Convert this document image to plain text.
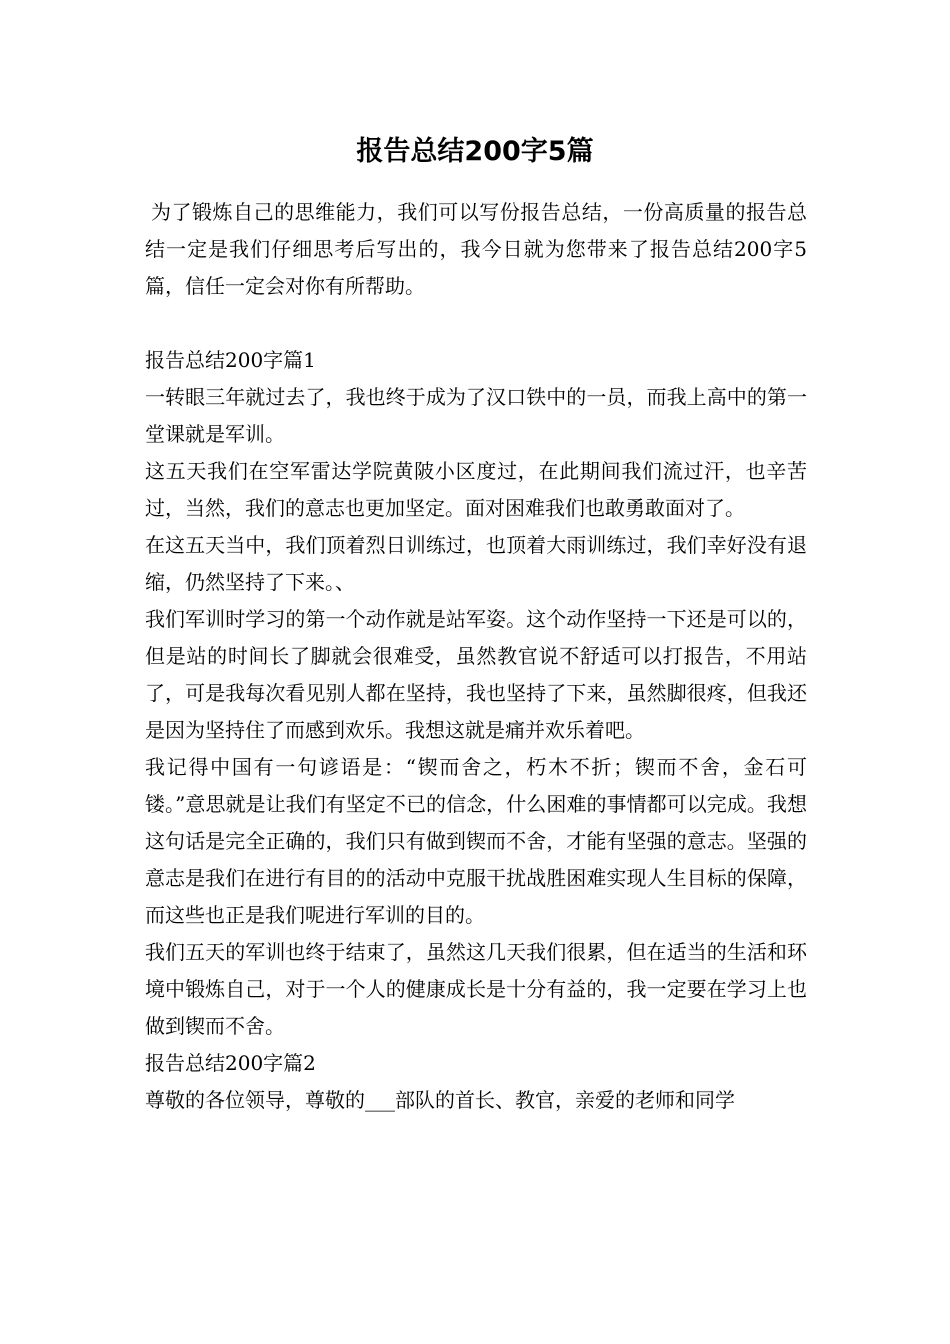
报告总结200字5篇

为了锻炼自己的思维能力，我们可以写份报告总结，一份高质量的报告总结一定是我们仔细思考后写出的，我今日就为您带来了报告总结200字5篇，信任一定会对你有所帮助。

报告总结200字篇1

一转眼三年就过去了，我也终于成为了汉口铁中的一员，而我上高中的第一堂课就是军训。

这五天我们在空军雷达学院黄陂小区度过，在此期间我们流过汗，也辛苦过，当然，我们的意志也更加坚定。面对困难我们也敢勇敢面对了。

在这五天当中，我们顶着烈日训练过，也顶着大雨训练过，我们幸好没有退缩，仍然坚持了下来。、

我们军训时学习的第一个动作就是站军姿。这个动作坚持一下还是可以的，但是站的时间长了脚就会很难受，虽然教官说不舒适可以打报告，不用站了，可是我每次看见别人都在坚持，我也坚持了下来，虽然脚很疼，但我还是因为坚持住了而感到欢乐。我想这就是痛并欢乐着吧。

我记得中国有一句谚语是：“锲而舍之，朽木不折；锲而不舍，金石可镂。”意思就是让我们有坚定不已的信念，什么困难的事情都可以完成。我想这句话是完全正确的，我们只有做到锲而不舍，才能有坚强的意志。坚强的意志是我们在进行有目的的活动中克服干扰战胜困难实现人生目标的保障，而这些也正是我们呢进行军训的目的。

我们五天的军训也终于结束了，虽然这几天我们很累，但在适当的生活和环境中锻炼自己，对于一个人的健康成长是十分有益的，我一定要在学习上也做到锲而不舍。

报告总结200字篇2

尊敬的各位领导，尊敬的___部队的首长、教官，亲爱的老师和同学
